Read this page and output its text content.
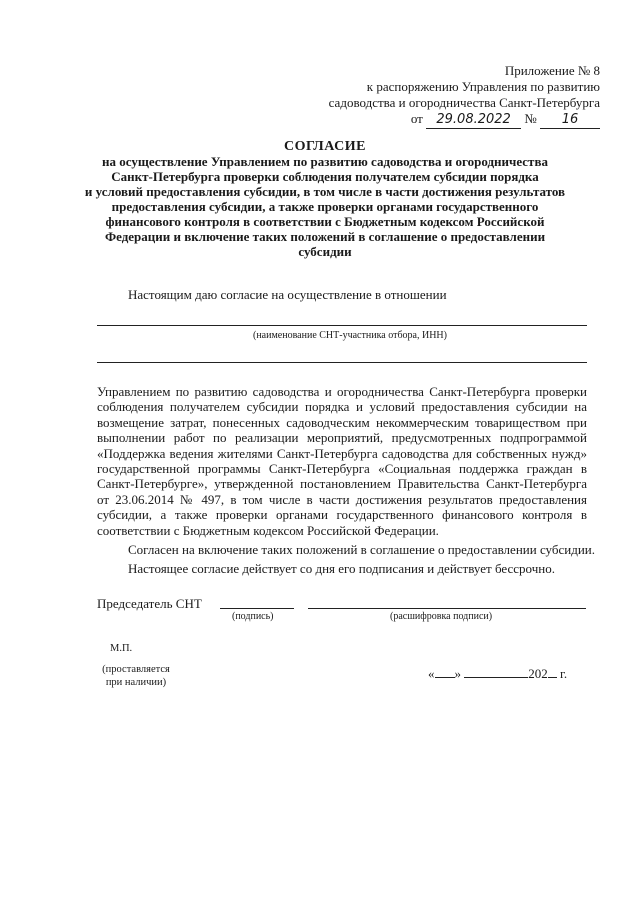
Приложение № 8
к распоряжению Управления по развитию
садоводства и огородничества Санкт-Петербурга
от 29.08.2022 № 16
СОГЛАСИЕ
на осуществление Управлением по развитию садоводства и огородничества
Санкт-Петербурга проверки соблюдения получателем субсидии порядка
и условий предоставления субсидии, в том числе в части достижения результатов
предоставления субсидии, а также проверки органами государственного
финансового контроля в соответствии с Бюджетным кодексом Российской
Федерации и включение таких положений в соглашение о предоставлении
субсидии
Настоящим даю согласие на осуществление в отношении
(наименование СНТ-участника отбора, ИНН)
Управлением по развитию садоводства и огородничества Санкт-Петербурга проверки соблюдения получателем субсидии порядка и условий предоставления субсидии на возмещение затрат, понесенных садоводческим некоммерческим товариществом при выполнении работ по реализации мероприятий, предусмотренных подпрограммой «Поддержка ведения жителями Санкт-Петербурга садоводства для собственных нужд» государственной программы Санкт-Петербурга «Социальная поддержка граждан в Санкт-Петербурге», утвержденной постановлением Правительства Санкт-Петербурга от 23.06.2014 № 497, в том числе в части достижения результатов предоставления субсидии, а также проверки органами государственного финансового контроля в соответствии с Бюджетным кодексом Российской Федерации.
Согласен на включение таких положений в соглашение о предоставлении субсидии.
Настоящее согласие действует со дня его подписания и действует бессрочно.
Председатель СНТ
(подпись)	(расшифровка подписи)
М.П.
(проставляется
при наличии)
« »	202 г.
